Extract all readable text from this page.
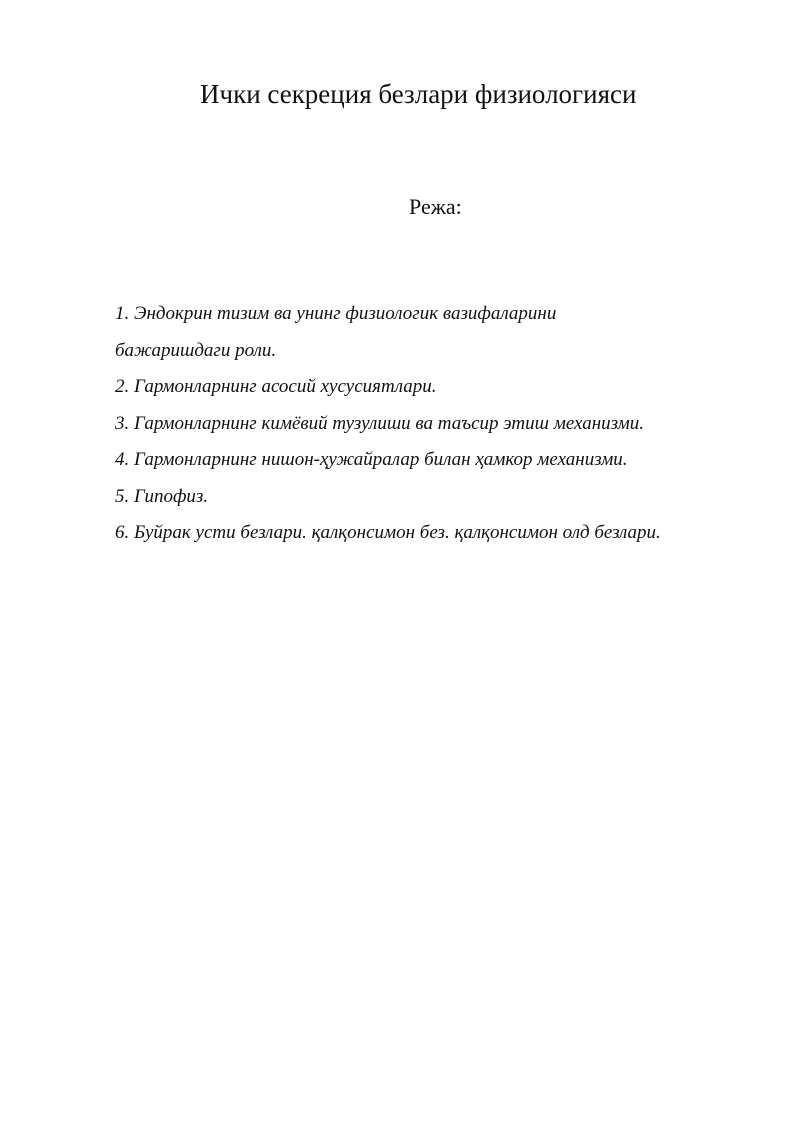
Ички секреция безлари физиологияси

Режа:

1. Эндокрин тизим ва унинг физиологик вазифаларини
бажаришдаги роли.
2. Гармонларнинг асосий хусусиятлари.
3. Гармонларнинг кимёвий тузулиши ва таъсир этиш механизми.
4. Гармонларнинг нишон-ҳужайралар билан ҳамкор механизми.
5. Гипофиз.
6. Буйрак усти безлари. қалқонсимон без. қалқонсимон олд безлари.
